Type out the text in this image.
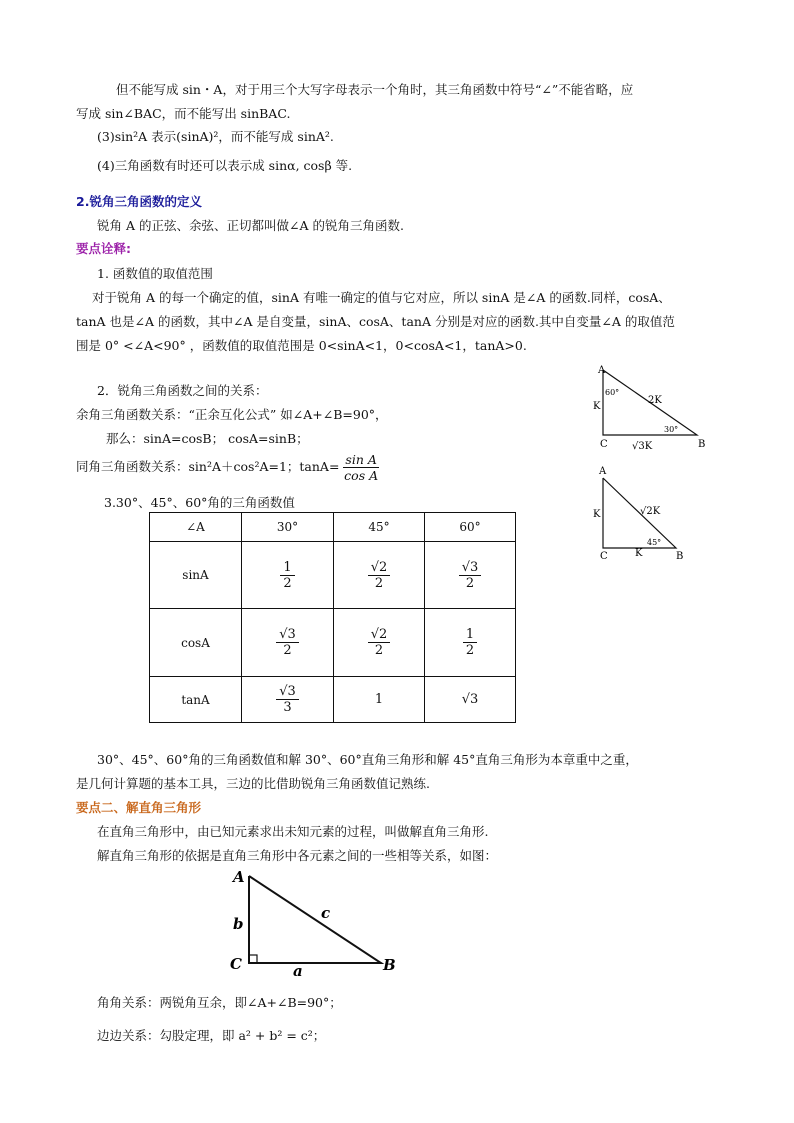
但不能写成 sin・A，对于用三个大写字母表示一个角时，其三角函数中符号“∠”不能省略，应
写成 sin∠BAC，而不能写出 sinBAC.
(3)sin²A 表示(sinA)²，而不能写成 sinA².
(4)三角函数有时还可以表示成 sinα, cosβ 等.
2.锐角三角函数的定义
锐角 A 的正弦、余弦、正切都叫做∠A 的锐角三角函数.
要点诠释:
1. 函数值的取值范围
对于锐角 A 的每一个确定的值，sinA 有唯一确定的值与它对应，所以 sinA 是∠A 的函数.同样，cosA、
tanA 也是∠A 的函数，其中∠A 是自变量，sinA、cosA、tanA 分别是对应的函数.其中自变量∠A 的取值范
围是 0° <∠A<90° ，函数值的取值范围是 0<sinA<1，0<cosA<1，tanA>0.
2．锐角三角函数之间的关系：
余角三角函数关系：“正余互化公式” 如∠A+∠B=90°，
那么：sinA=cosB； cosA=sinB；
同角三角函数关系：sin²A＋cos²A=1；$\tan A= \frac{\text{sin A}}{\text{cos A}}$
3.30°、45°、60°角的三角函数值
∠A	30°	45°	60°
sinA	$\frac{1}{2}$	$\frac{√2}{2}$	$\frac{√3}{2}$

cosA	$\frac{√3}{2}$	$\frac{√2}{2}$	$\frac{1}{2}$

tanA	$\frac{√3}{3}$	1	√3
A
C	B
60°
30°
2K
K
√3K
A
C	B
45°
√2K
K
K
30°、45°、60°角的三角函数值和解 30°、60°直角三角形和解 45°直角三角形为本章重中之重，
是几何计算题的基本工具，三边的比借助锐角三角函数值记熟练.
要点二、解直角三角形
在直角三角形中，由已知元素求出未知元素的过程，叫做解直角三角形.
解直角三角形的依据是直角三角形中各元素之间的一些相等关系，如图：
A
C	B
b
c
a
角角关系：两锐角互余，即∠A+∠B=90°；
边边关系：勾股定理，即 a² + b² = c²；
